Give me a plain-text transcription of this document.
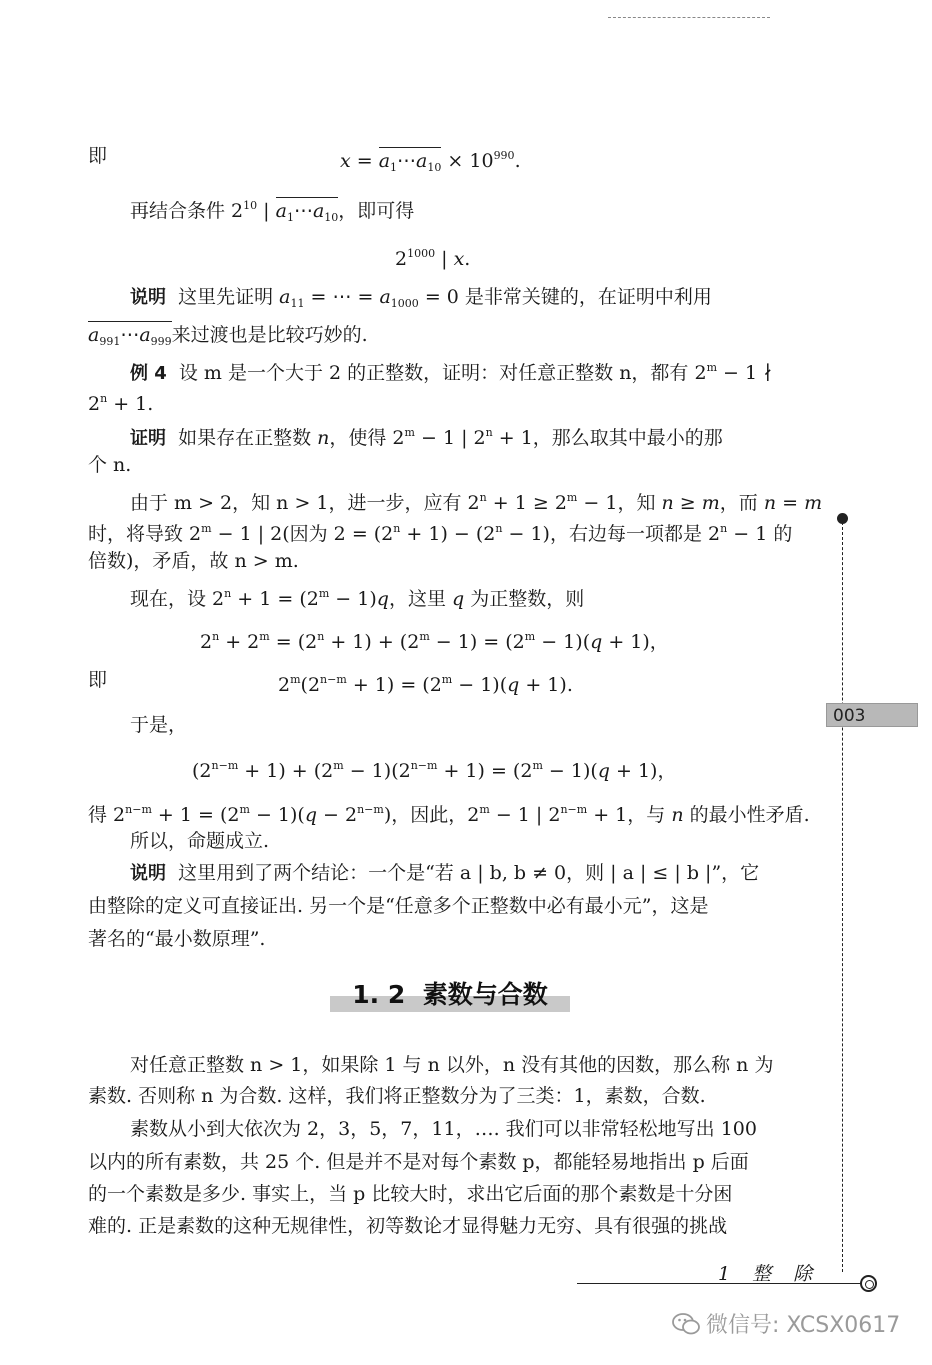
即	$x = a_1\cdots a_{10} \times 10^{990}$.
再结合条件 $2^{10}$ | $a_1\cdots a_{10}$，即可得
$2^{1000}$ | x.
说明 这里先证明 $a_{11}$ = ⋯ = $a_{1000} = 0$ 是非常关键的，在证明中利用
$a_{991}\cdots a_{999}$来过渡也是比较巧妙的.
例 4 设 m 是一个大于 2 的正整数，证明：对任意正整数 n，都有 $2^m - 1$ ∤
$2^n + 1$.
证明  如果存在正整数 n，使得 $2^m - 1$ | $2^n + 1$，那么取其中最小的那
个 n.
由于 m > 2，知 n > 1，进一步，应有 $2^n + 1 \ge 2^m - 1$，知 n ≥ m，而 n = m
时，将导致 $2^m - 1$ | 2(因为 $2 = (2^n + 1) - (2^n - 1)$，右边每一项都是 $2^n - 1$ 的
倍数)，矛盾，故 n > m.
现在，设 $2^n + 1 = (2^m - 1)q$，这里 q 为正整数，则
$2^n + 2^m = (2^n + 1) + (2^m - 1) = (2^m - 1)(q + 1)$，
即	$2^m(2^{n-m} + 1) = (2^m - 1)(q + 1)$.
于是，
$(2^{n-m} + 1) + (2^m - 1)(2^{n-m} + 1) = (2^m - 1)(q + 1)$，
得 $2^{n-m} + 1 = (2^m - 1)(q - 2^{n-m})$，因此，$2^m - 1$ | $2^{n-m} + 1$，与 n 的最小性矛盾.
所以，命题成立.
说明 这里用到了两个结论：一个是“若 a | b, b ≠ 0，则 | a | ≤ | b |”，它
由整除的定义可直接证出. 另一个是“任意多个正整数中必有最小元”，这是
著名的“最小数原理”.
1. 2 素数与合数
对任意正整数 n > 1，如果除 1 与 n 以外，n 没有其他的因数，那么称 n 为
素数. 否则称 n 为合数. 这样，我们将正整数分为了三类：1，素数，合数.
素数从小到大依次为 2，3，5，7，11，…. 我们可以非常轻松地写出 100
以内的所有素数，共 25 个. 但是并不是对每个素数 p，都能轻易地指出 p 后面
的一个素数是多少. 事实上，当 p 比较大时，求出它后面的那个素数是十分困
难的. 正是素数的这种无规律性，初等数论才显得魅力无穷、具有很强的挑战
003
1 整 除
微信号: XCSX0617
